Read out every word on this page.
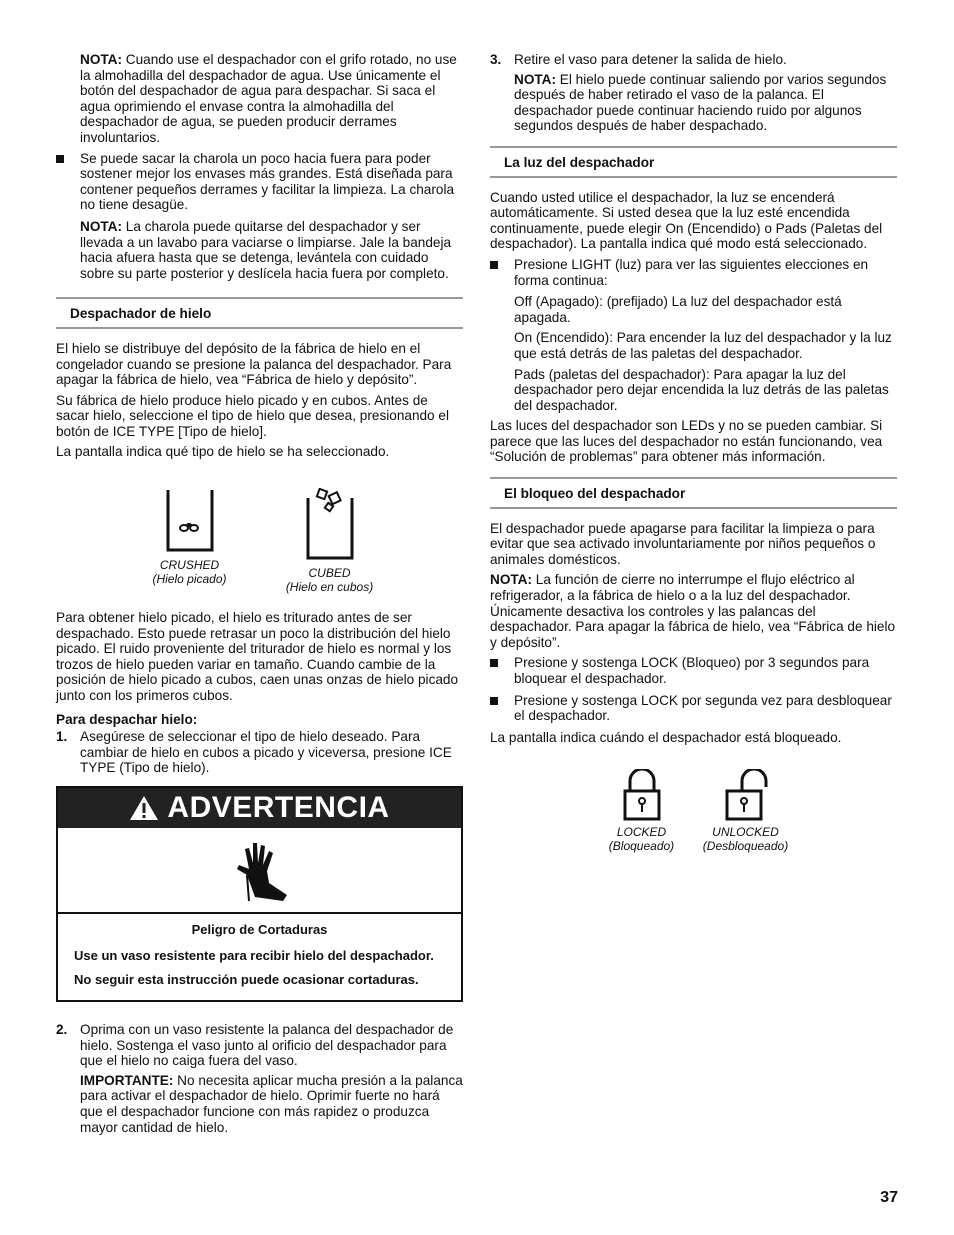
NOTA: Cuando use el despachador con el grifo rotado, no use la almohadilla del despachador de agua. Use únicamente el botón del despachador de agua para despachar. Si saca el agua oprimiendo el envase contra la almohadilla del despachador de agua, se pueden producir derrames involuntarios.

Se puede sacar la charola un poco hacia fuera para poder sostener mejor los envases más grandes. Está diseñada para contener pequeños derrames y facilitar la limpieza. La charola no tiene desagüe.

NOTA: La charola puede quitarse del despachador y ser llevada a un lavabo para vaciarse o limpiarse. Jale la bandeja hacia afuera hasta que se detenga, levántela con cuidado sobre su parte posterior y deslícela hacia fuera por completo.

Despachador de hielo

El hielo se distribuye del depósito de la fábrica de hielo en el congelador cuando se presione la palanca del despachador. Para apagar la fábrica de hielo, vea “Fábrica de hielo y depósito”.

Su fábrica de hielo produce hielo picado y en cubos. Antes de sacar hielo, seleccione el tipo de hielo que desea, presionando el botón de ICE TYPE [Tipo de hielo].

La pantalla indica qué tipo de hielo se ha seleccionado.

CRUSHED
(Hielo picado)	CUBED
(Hielo en cubos)

Para obtener hielo picado, el hielo es triturado antes de ser despachado. Esto puede retrasar un poco la distribución del hielo picado. El ruido proveniente del triturador de hielo es normal y los trozos de hielo pueden variar en tamaño. Cuando cambie de la posición de hielo picado a cubos, caen unas onzas de hielo picado junto con los primeros cubos.

Para despachar hielo:
1. Asegúrese de seleccionar el tipo de hielo deseado. Para cambiar de hielo en cubos a picado y viceversa, presione ICE TYPE (Tipo de hielo).
ADVERTENCIA
Peligro de Cortaduras

Use un vaso resistente para recibir hielo del despachador.

No seguir esta instrucción puede ocasionar cortaduras.

2. Oprima con un vaso resistente la palanca del despachador de hielo. Sostenga el vaso junto al orificio del despachador para que el hielo no caiga fuera del vaso.

IMPORTANTE: No necesita aplicar mucha presión a la palanca para activar el despachador de hielo. Oprimir fuerte no hará que el despachador funcione con más rapidez o produzca mayor cantidad de hielo.

3. Retire el vaso para detener la salida de hielo.

NOTA: El hielo puede continuar saliendo por varios segundos después de haber retirado el vaso de la palanca. El despachador puede continuar haciendo ruido por algunos segundos después de haber despachado.

La luz del despachador

Cuando usted utilice el despachador, la luz se encenderá automáticamente. Si usted desea que la luz esté encendida continuamente, puede elegir On (Encendido) o Pads (Paletas del despachador). La pantalla indica qué modo está seleccionado.

Presione LIGHT (luz) para ver las siguientes elecciones en forma continua:

Off (Apagado): (prefijado) La luz del despachador está apagada.

On (Encendido): Para encender la luz del despachador y la luz que está detrás de las paletas del despachador.

Pads (paletas del despachador): Para apagar la luz del despachador pero dejar encendida la luz detrás de las paletas del despachador.

Las luces del despachador son LEDs y no se pueden cambiar. Si parece que las luces del despachador no están funcionando, vea “Solución de problemas” para obtener más información.

El bloqueo del despachador

El despachador puede apagarse para facilitar la limpieza o para evitar que sea activado involuntariamente por niños pequeños o animales domésticos.

NOTA: La función de cierre no interrumpe el flujo eléctrico al refrigerador, a la fábrica de hielo o a la luz del despachador. Únicamente desactiva los controles y las palancas del despachador. Para apagar la fábrica de hielo, vea “Fábrica de hielo y depósito”.

Presione y sostenga LOCK (Bloqueo) por 3 segundos para bloquear el despachador.
Presione y sostenga LOCK por segunda vez para desbloquear el despachador.

La pantalla indica cuándo el despachador está bloqueado.

LOCKED
(Bloqueado)
UNLOCKED
(Desbloqueado)
37
